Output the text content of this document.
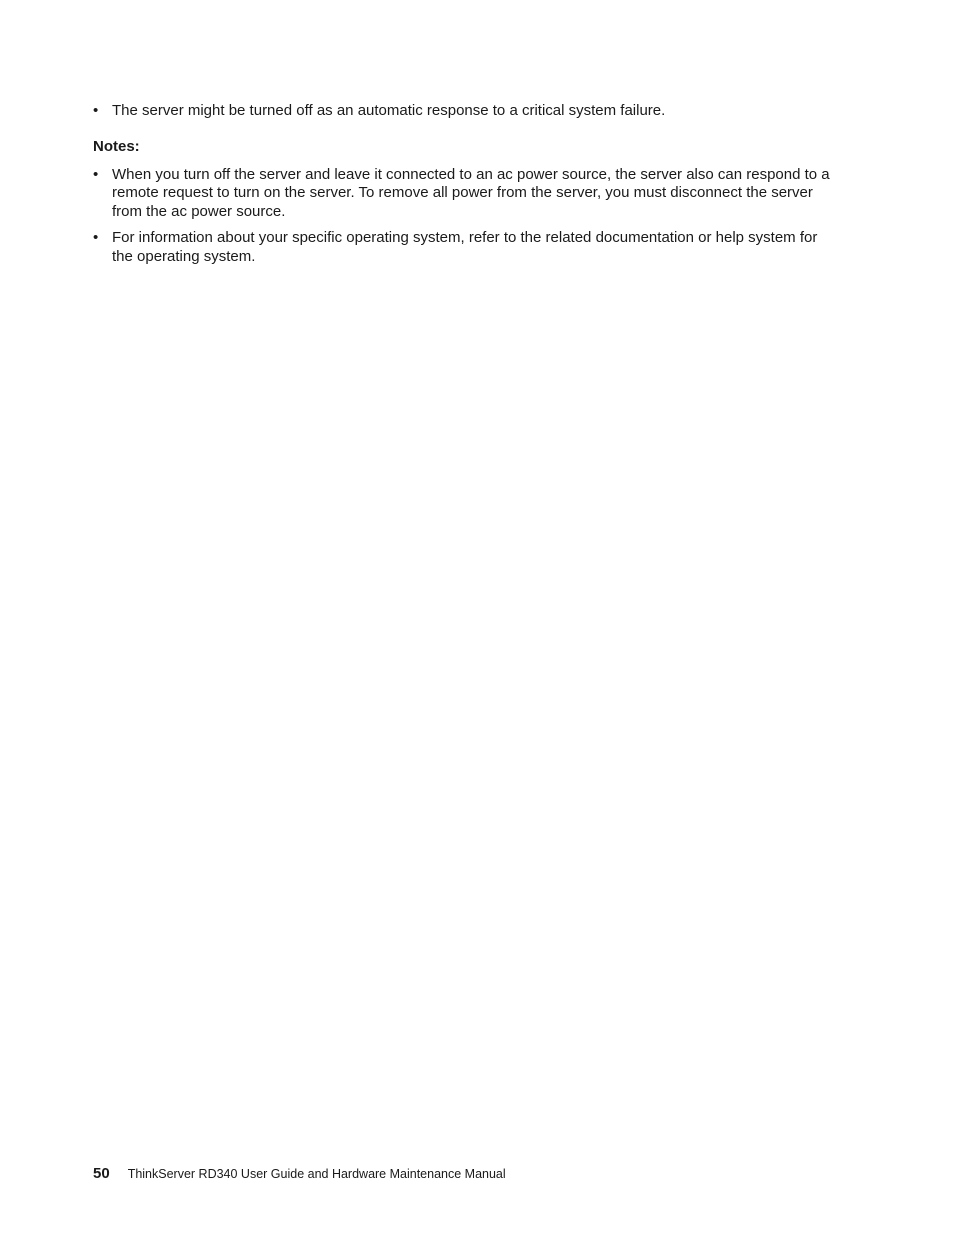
• The server might be turned off as an automatic response to a critical system failure.
Notes:
• When you turn off the server and leave it connected to an ac power source, the server also can respond to a remote request to turn on the server. To remove all power from the server, you must disconnect the server from the ac power source.
• For information about your specific operating system, refer to the related documentation or help system for the operating system.
50 ThinkServer RD340 User Guide and Hardware Maintenance Manual
